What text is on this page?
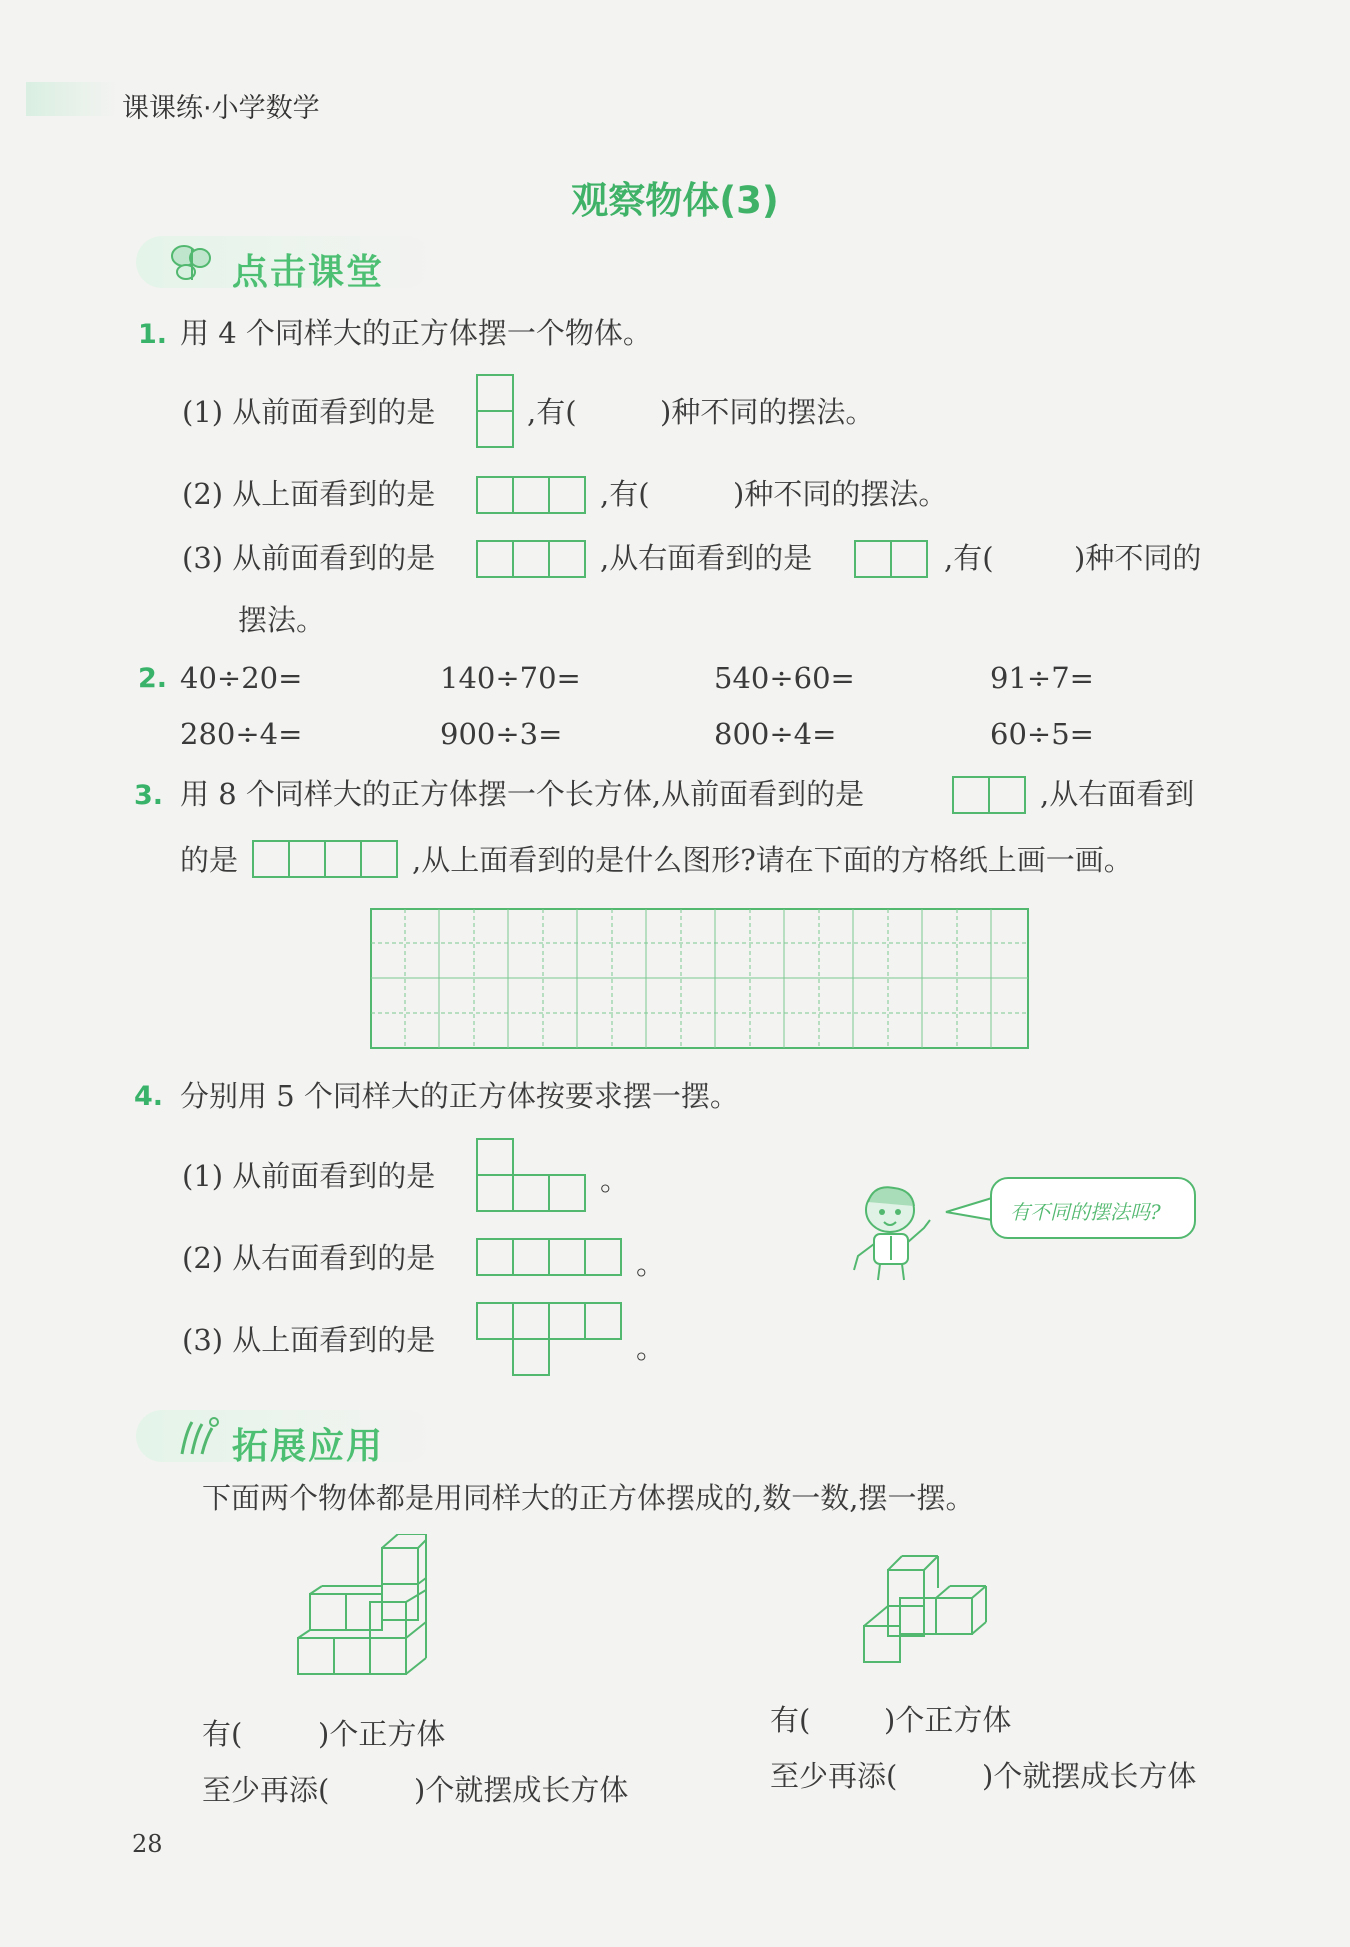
课课练·小学数学
观察物体(3)
点击课堂
1. 用 4 个同样大的正方体摆一个物体。
(1) 从前面看到的是	,有(	)种不同的摆法。
(2) 从上面看到的是	,有(	)种不同的摆法。
(3) 从前面看到的是	,从右面看到的是	,有(	)种不同的
摆法。
2. 40÷20=	140÷70=	540÷60=	91÷7=
280÷4=	900÷3=	800÷4=	60÷5=
3. 用 8 个同样大的正方体摆一个长方体,从前面看到的是	,从右面看到
的是	,从上面看到的是什么图形?请在下面的方格纸上画一画。
4. 分别用 5 个同样大的正方体按要求摆一摆。
(1) 从前面看到的是	。
(2) 从右面看到的是	。
(3) 从上面看到的是	。
有不同的摆法吗?
拓展应用
下面两个物体都是用同样大的正方体摆成的,数一数,摆一摆。
有(	)个正方体
至少再添(	)个就摆成长方体
有(	)个正方体
至少再添(	)个就摆成长方体
28
